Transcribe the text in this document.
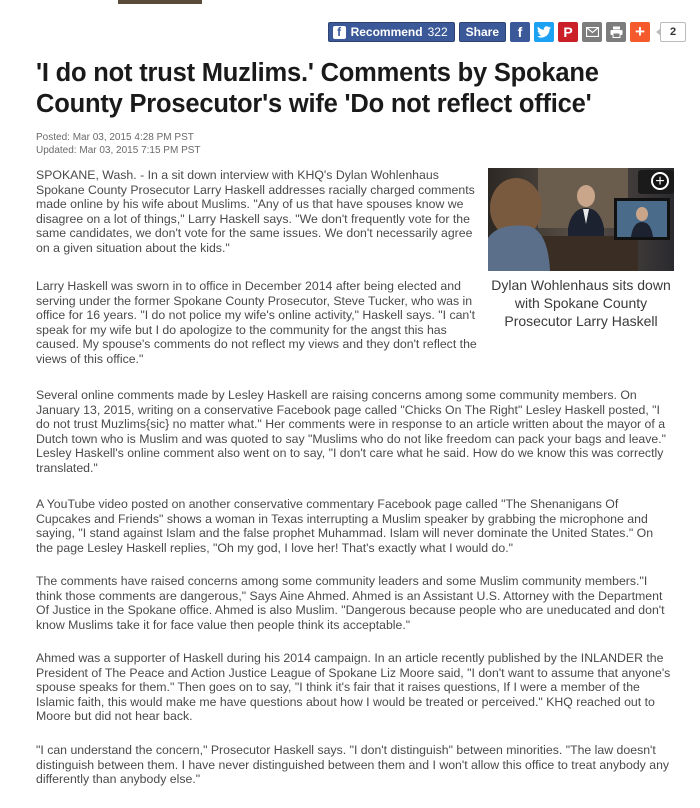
f Recommend 322 Share	f	P	+	2
'I do not trust Muzlims.' Comments by Spokane County Prosecutor's wife 'Do not reflect office'
Posted: Mar 03, 2015 4:28 PM PST
Updated: Mar 03, 2015 7:15 PM PST
+
Dylan Wohlenhaus sits down with Spokane County Prosecutor Larry Haskell

SPOKANE, Wash. - In a sit down interview with KHQ's Dylan Wohlenhaus Spokane County Prosecutor Larry Haskell addresses racially charged comments made online by his wife about Muslims. "Any of us that have spouses know we disagree on a lot of things," Larry Haskell says. "We don't frequently vote for the same candidates, we don't vote for the same issues. We don't necessarily agree on a given situation about the kids."

Larry Haskell was sworn in to office in December 2014 after being elected and serving under the former Spokane County Prosecutor, Steve Tucker, who was in office for 16 years. "I do not police my wife's online activity," Haskell says. "I can't speak for my wife but I do apologize to the community for the angst this has caused. My spouse's comments do not reflect my views and they don't reflect the views of this office."

Several online comments made by Lesley Haskell are raising concerns among some community members. On January 13, 2015, writing on a conservative Facebook page called "Chicks On The Right" Lesley Haskell posted, "I do not trust Muzlims{sic} no matter what." Her comments were in response to an article written about the mayor of a Dutch town who is Muslim and was quoted to say "Muslims who do not like freedom can pack your bags and leave." Lesley Haskell's online comment also went on to say, "I don't care what he said. How do we know this was correctly translated."

A YouTube video posted on another conservative commentary Facebook page called "The Shenanigans Of Cupcakes and Friends" shows a woman in Texas interrupting a Muslim speaker by grabbing the microphone and saying, "I stand against Islam and the false prophet Muhammad. Islam will never dominate the United States." On the page Lesley Haskell replies, "Oh my god, I love her! That's exactly what I would do."

The comments have raised concerns among some community leaders and some Muslim community members."I think those comments are dangerous," Says Aine Ahmed. Ahmed is an Assistant U.S. Attorney with the Department Of Justice in the Spokane office. Ahmed is also Muslim. "Dangerous because people who are uneducated and don't know Muslims take it for face value then people think its acceptable."

Ahmed was a supporter of Haskell during his 2014 campaign. In an article recently published by the INLANDER the President of The Peace and Action Justice League of Spokane Liz Moore said, "I don't want to assume that anyone's spouse speaks for them." Then goes on to say, "I think it's fair that it raises questions, If I were a member of the Islamic faith, this would make me have questions about how I would be treated or perceived." KHQ reached out to Moore but did not hear back.

"I can understand the concern," Prosecutor Haskell says. "I don't distinguish" between minorities. "The law doesn't distinguish between them. I have never distinguished between them and I won't allow this office to treat anybody any differently than anybody else."
